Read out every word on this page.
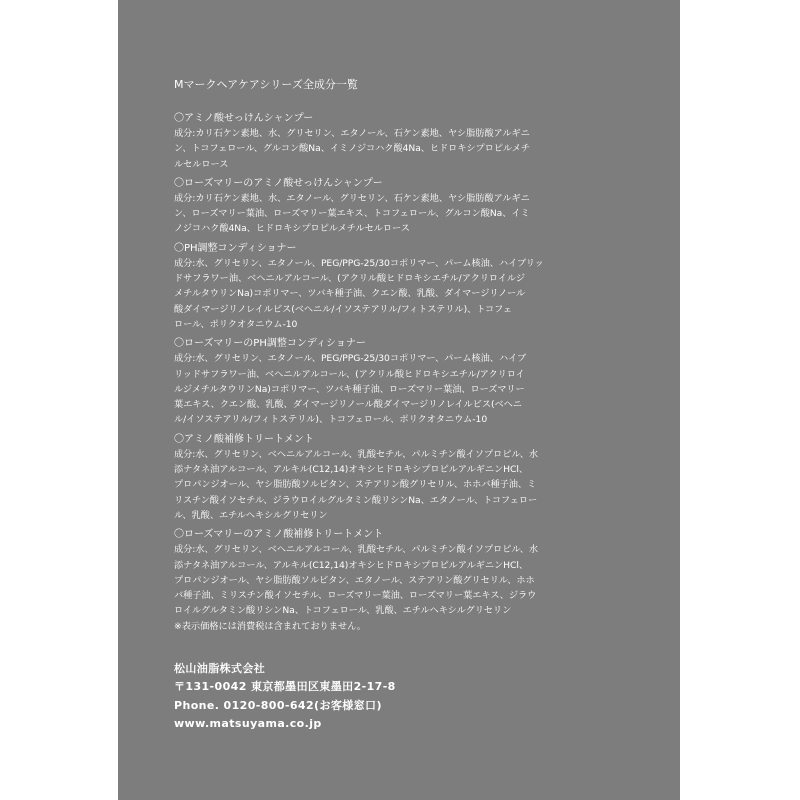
Mマークヘアケアシリーズ全成分一覧
〇アミノ酸せっけんシャンプー
成分:カリ石ケン素地、水、グリセリン、エタノール、石ケン素地、ヤシ脂肪酸アルギニ
ン、トコフェロール、グルコン酸Na、イミノジコハク酸4Na、ヒドロキシプロピルメチ
ルセルロース
〇ローズマリーのアミノ酸せっけんシャンプー
成分:カリ石ケン素地、水、エタノール、グリセリン、石ケン素地、ヤシ脂肪酸アルギニ
ン、ローズマリー葉油、ローズマリー葉エキス、トコフェロール、グルコン酸Na、イミ
ノジコハク酸4Na、ヒドロキシプロピルメチルセルロース
〇PH調整コンディショナー
成分:水、グリセリン、エタノール、PEG/PPG-25/30コポリマー、パーム核油、ハイブリッ
ドサフラワー油、ベヘニルアルコール、(アクリル酸ヒドロキシエチル/アクリロイルジ
メチルタウリンNa)コポリマー、ツバキ種子油、クエン酸、乳酸、ダイマージリノール
酸ダイマージリノレイルビス(ベヘニル/イソステアリル/フィトステリル)、トコフェ
ロール、ポリクオタニウム-10
〇ローズマリーのPH調整コンディショナー
成分:水、グリセリン、エタノール、PEG/PPG-25/30コポリマー、パーム核油、ハイブ
リッドサフラワー油、ベヘニルアルコール、(アクリル酸ヒドロキシエチル/アクリロイ
ルジメチルタウリンNa)コポリマー、ツバキ種子油、ローズマリー葉油、ローズマリー
葉エキス、クエン酸、乳酸、ダイマージリノール酸ダイマージリノレイルビス(ベヘニ
ル/イソステアリル/フィトステリル)、トコフェロール、ポリクオタニウム-10
〇アミノ酸補修トリートメント
成分:水、グリセリン、ベヘニルアルコール、乳酸セチル、パルミチン酸イソプロピル、水
添ナタネ油アルコール、アルキル(C12,14)オキシヒドロキシプロピルアルギニンHCl、
プロパンジオール、ヤシ脂肪酸ソルビタン、ステアリン酸グリセリル、ホホバ種子油、ミ
リスチン酸イソセチル、ジラウロイルグルタミン酸リシンNa、エタノール、トコフェロー
ル、乳酸、エチルヘキシルグリセリン
〇ローズマリーのアミノ酸補修トリートメント
成分:水、グリセリン、ベヘニルアルコール、乳酸セチル、パルミチン酸イソプロピル、水
添ナタネ油アルコール、アルキル(C12,14)オキシヒドロキシプロピルアルギニンHCl、
プロパンジオール、ヤシ脂肪酸ソルビタン、エタノール、ステアリン酸グリセリル、ホホ
バ種子油、ミリスチン酸イソセチル、ローズマリー葉油、ローズマリー葉エキス、ジラウ
ロイルグルタミン酸リシンNa、トコフェロール、乳酸、エチルヘキシルグリセリン
※表示価格には消費税は含まれておりません。
松山油脂株式会社
〒131-0042 東京都墨田区東墨田2-17-8
Phone. 0120-800-642(お客様窓口)
www.matsuyama.co.jp
